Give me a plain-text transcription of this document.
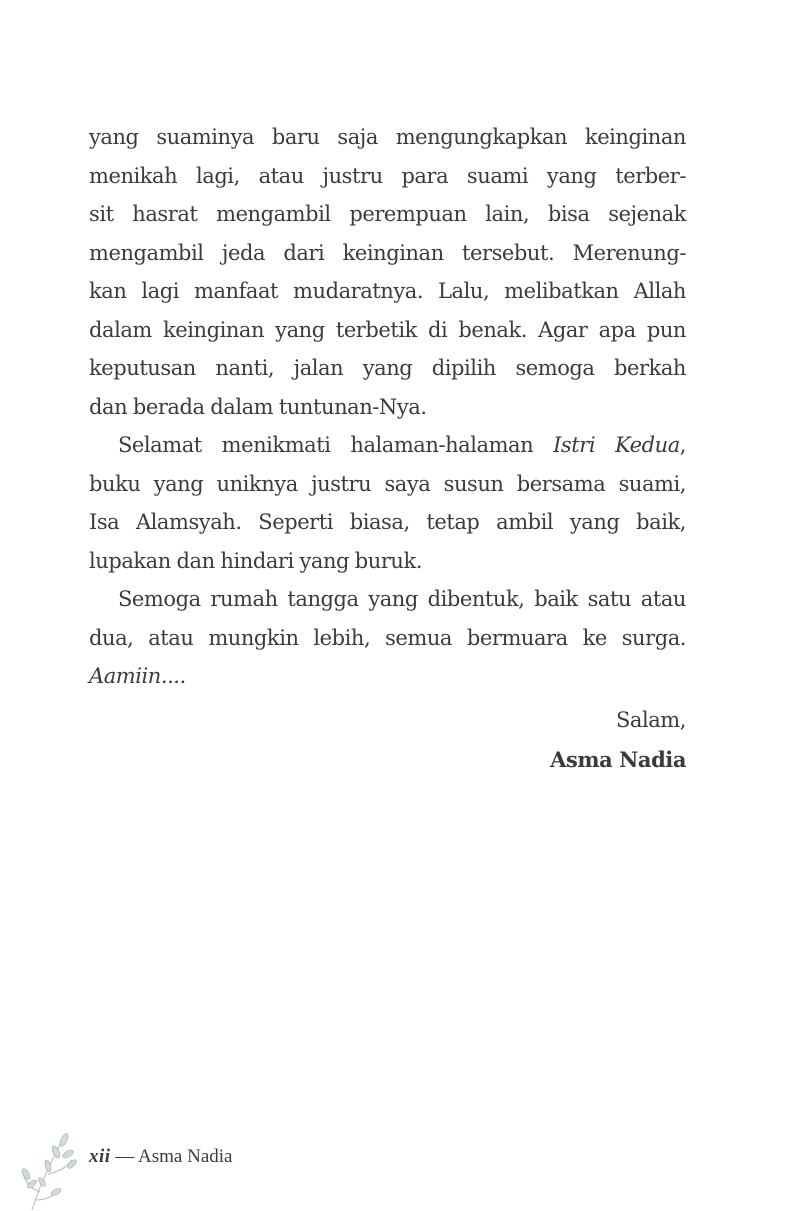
yang suaminya baru saja mengungkapkan keinginan
menikah lagi, atau justru para suami yang terber-
sit hasrat mengambil perempuan lain, bisa sejenak
mengambil jeda dari keinginan tersebut. Merenung-
kan lagi manfaat mudaratnya. Lalu, melibatkan Allah
dalam keinginan yang terbetik di benak. Agar apa pun
keputusan nanti, jalan yang dipilih semoga berkah
dan berada dalam tuntunan-Nya.
Selamat menikmati halaman-halaman Istri Kedua,
buku yang uniknya justru saya susun bersama suami,
Isa Alamsyah. Seperti biasa, tetap ambil yang baik,
lupakan dan hindari yang buruk.
Semoga rumah tangga yang dibentuk, baik satu atau
dua, atau mungkin lebih, semua bermuara ke surga.
Aamiin....
Salam,
Asma Nadia
xii — Asma Nadia
